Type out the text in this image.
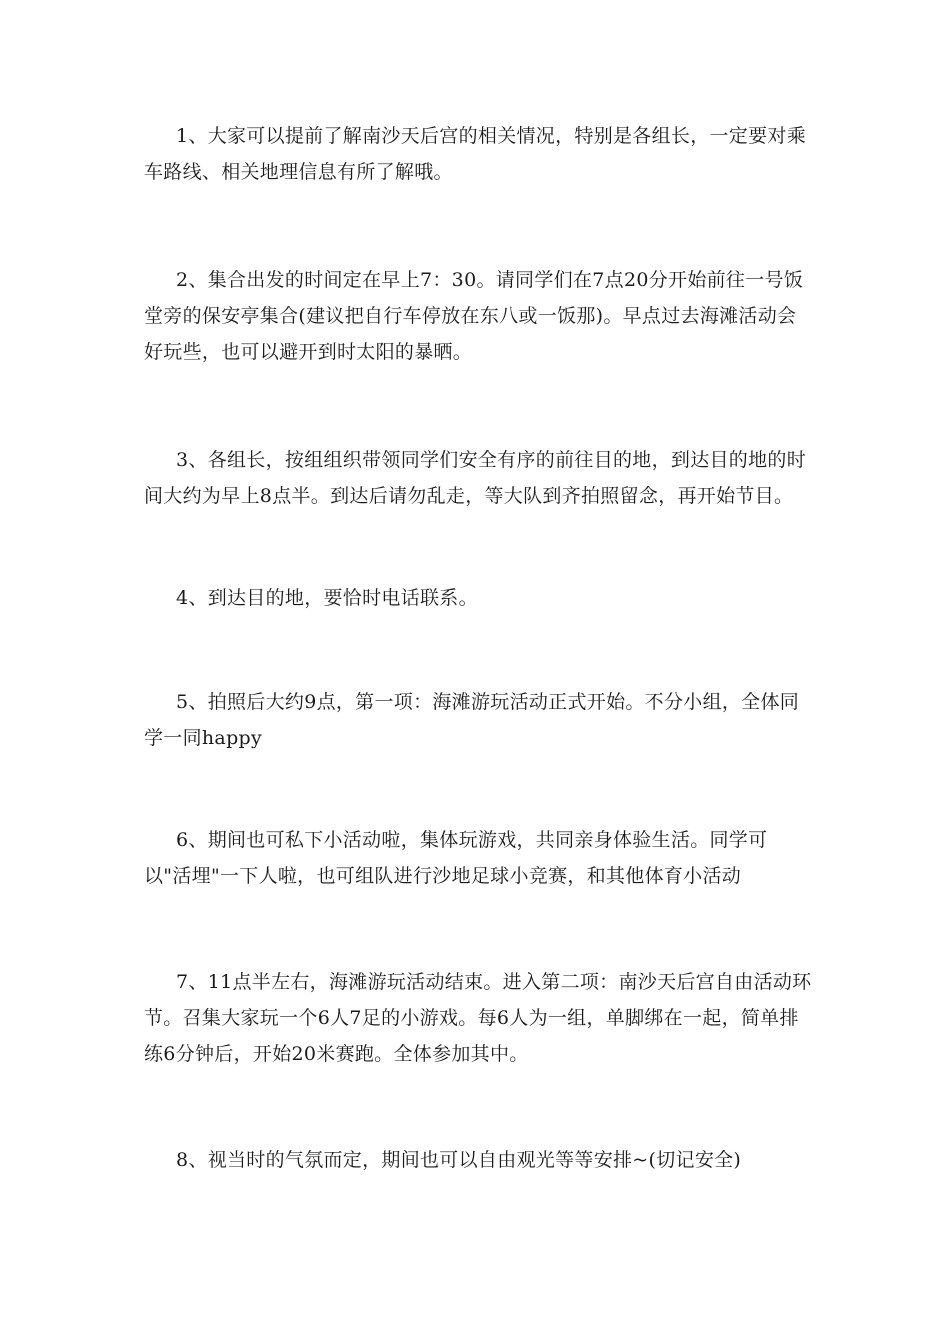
1、大家可以提前了解南沙天后宫的相关情况，特别是各组长，一定要对乘车路线、相关地理信息有所了解哦。

2、集合出发的时间定在早上7：30。请同学们在7点20分开始前往一号饭堂旁的保安亭集合(建议把自行车停放在东八或一饭那)。早点过去海滩活动会好玩些，也可以避开到时太阳的暴晒。

3、各组长，按组组织带领同学们安全有序的前往目的地，到达目的地的时间大约为早上8点半。到达后请勿乱走，等大队到齐拍照留念，再开始节目。

4、到达目的地，要恰时电话联系。

5、拍照后大约9点，第一项：海滩游玩活动正式开始。不分小组，全体同学一同happy

6、期间也可私下小活动啦，集体玩游戏，共同亲身体验生活。同学可以"活埋"一下人啦，也可组队进行沙地足球小竞赛，和其他体育小活动

7、11点半左右，海滩游玩活动结束。进入第二项：南沙天后宫自由活动环节。召集大家玩一个6人7足的小游戏。每6人为一组，单脚绑在一起，简单排练6分钟后，开始20米赛跑。全体参加其中。

8、视当时的气氛而定，期间也可以自由观光等等安排~(切记安全)
